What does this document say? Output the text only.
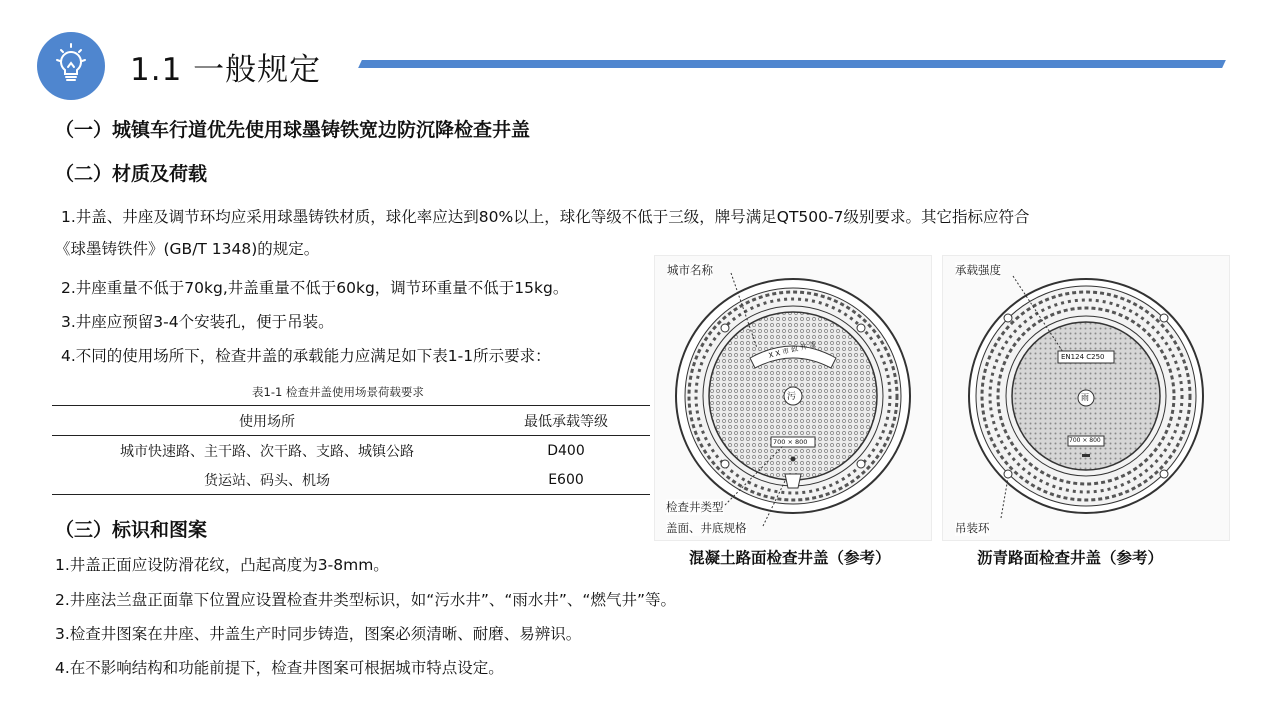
1.1 一般规定
（一）城镇车行道优先使用球墨铸铁宽边防沉降检查井盖
（二）材质及荷载
1.井盖、井座及调节环均应采用球墨铸铁材质，球化率应达到80%以上，球化等级不低于三级，牌号满足QT500-7级别要求。其它指标应符合
《球墨铸铁件》(GB/T 1348)的规定。
2.井座重量不低于70kg,井盖重量不低于60kg，调节环重量不低于15kg。
3.井座应预留3-4个安装孔，便于吊装。
4.不同的使用场所下，检查井盖的承载能力应满足如下表1-1所示要求：
表1-1 检查井盖使用场景荷载要求
使用场所	最低承载等级
城市快速路、主干路、次干路、支路、城镇公路	D400
货运站、码头、机场	E600
（三）标识和图案
1.井盖正面应设防滑花纹，凸起高度为3-8mm。
2.井座法兰盘正面靠下位置应设置检查井类型标识，如“污水井”、“雨水井”、“燃气井”等。
3.检查井图案在井座、井盖生产时同步铸造，图案必须清晰、耐磨、易辨识。
4.在不影响结构和功能前提下，检查井图案可根据城市特点设定。
X X 市 政 井 盖
污
700 × 800
城市名称
检查井类型
盖面、井底规格
混凝土路面检查井盖（参考）
EN124 C250
雨
700 × 800
承载强度
吊装环
沥青路面检查井盖（参考）
